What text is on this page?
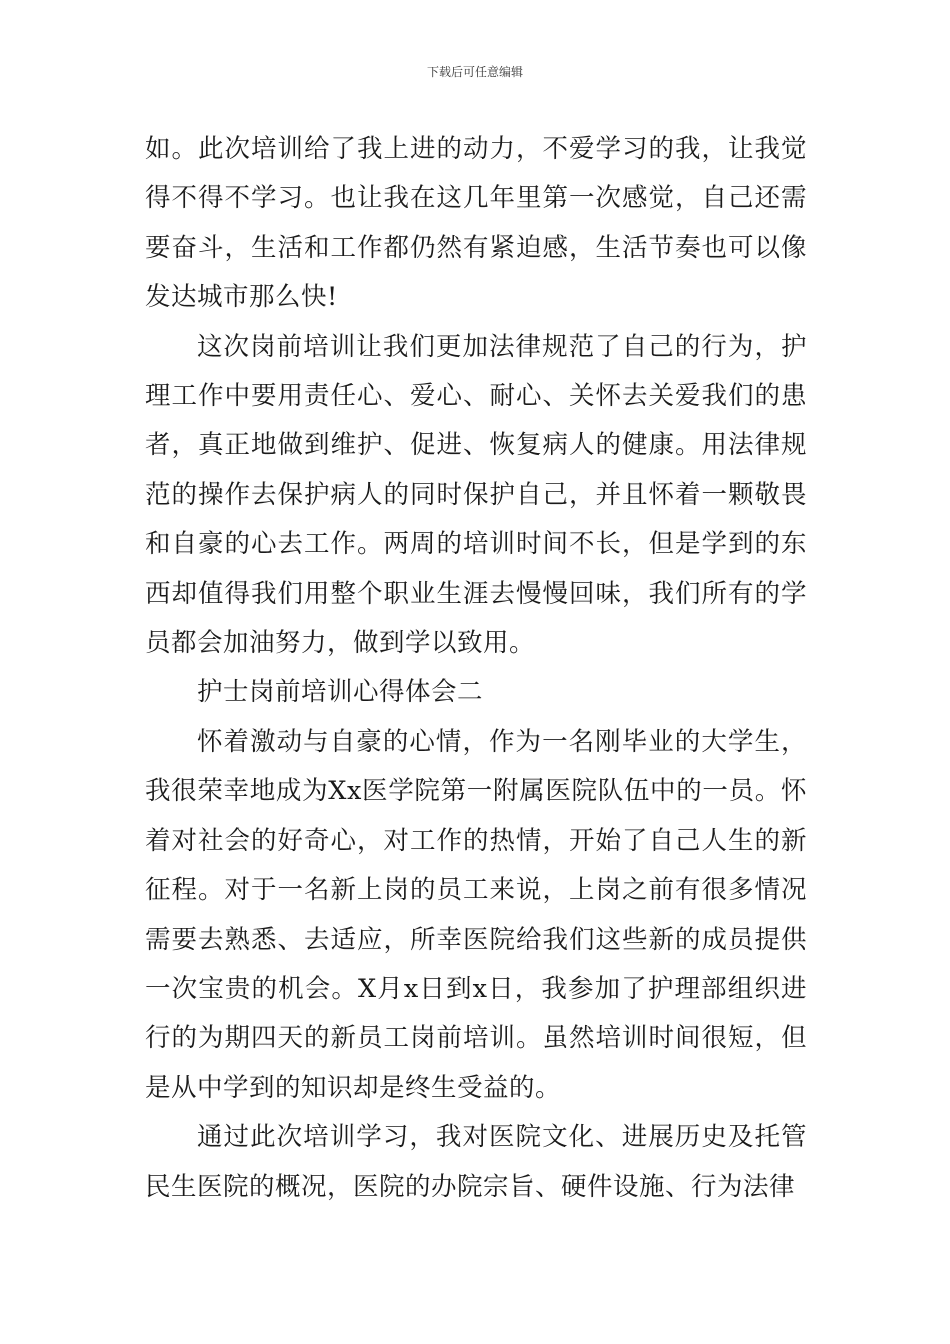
下载后可任意编辑

如。此次培训给了我上进的动力，不爱学习的我，让我觉得不得不学习。也让我在这几年里第一次感觉，自己还需要奋斗，生活和工作都仍然有紧迫感，生活节奏也可以像发达城市那么快!

这次岗前培训让我们更加法律规范了自己的行为，护理工作中要用责任心、爱心、耐心、关怀去关爱我们的患者，真正地做到维护、促进、恢复病人的健康。用法律规范的操作去保护病人的同时保护自己，并且怀着一颗敬畏和自豪的心去工作。两周的培训时间不长，但是学到的东西却值得我们用整个职业生涯去慢慢回味，我们所有的学员都会加油努力，做到学以致用。

护士岗前培训心得体会二

怀着激动与自豪的心情，作为一名刚毕业的大学生，我很荣幸地成为Xx医学院第一附属医院队伍中的一员。怀着对社会的好奇心，对工作的热情，开始了自己人生的新征程。对于一名新上岗的员工来说，上岗之前有很多情况需要去熟悉、去适应，所幸医院给我们这些新的成员提供一次宝贵的机会。X月x日到x日，我参加了护理部组织进行的为期四天的新员工岗前培训。虽然培训时间很短，但是从中学到的知识却是终生受益的。

通过此次培训学习，我对医院文化、进展历史及托管民生医院的概况，医院的办院宗旨、硬件设施、行为法律
